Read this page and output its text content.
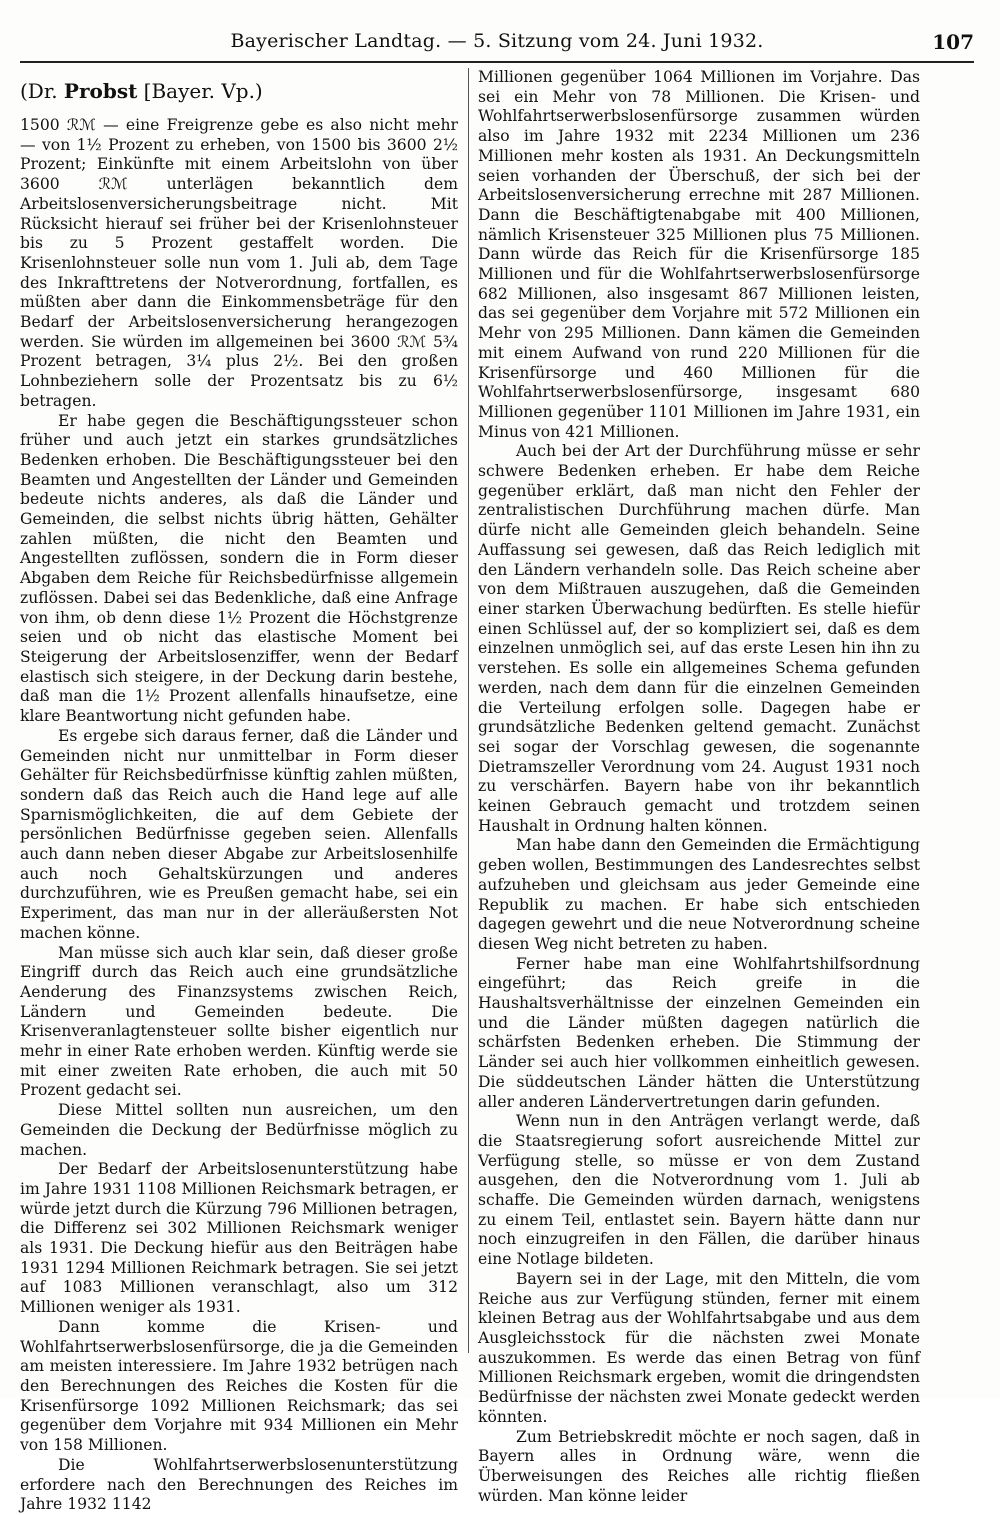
Bayerischer Landtag. — 5. Sitzung vom 24. Juni 1932.	107
(Dr. Probst [Bayer. Vp.)

1500 ℛℳ — eine Freigrenze gebe es also nicht mehr — von 1½ Prozent zu erheben, von 1500 bis 3600 2½ Prozent; Einkünfte mit einem Arbeitslohn von über 3600 ℛℳ unterlägen bekanntlich dem Arbeitslosenversicherungsbeitrage nicht. Mit Rücksicht hierauf sei früher bei der Krisenlohnsteuer bis zu 5 Prozent gestaffelt worden. Die Krisenlohnsteuer solle nun vom 1. Juli ab, dem Tage des Inkrafttretens der Notverordnung, fortfallen, es müßten aber dann die Einkommensbeträge für den Bedarf der Arbeitslosenversicherung herangezogen werden. Sie würden im allgemeinen bei 3600 ℛℳ 5¾ Prozent betragen, 3¼ plus 2½. Bei den großen Lohnbeziehern solle der Prozentsatz bis zu 6½ betragen.

Er habe gegen die Beschäftigungssteuer schon früher und auch jetzt ein starkes grundsätzliches Bedenken erhoben. Die Beschäftigungssteuer bei den Beamten und Angestellten der Länder und Gemeinden bedeute nichts anderes, als daß die Länder und Gemeinden, die selbst nichts übrig hätten, Gehälter zahlen müßten, die nicht den Beamten und Angestellten zuflössen, sondern die in Form dieser Abgaben dem Reiche für Reichsbedürfnisse allgemein zuflössen. Dabei sei das Bedenkliche, daß eine Anfrage von ihm, ob denn diese 1½ Prozent die Höchstgrenze seien und ob nicht das elastische Moment bei Steigerung der Arbeitslosenziffer, wenn der Bedarf elastisch sich steigere, in der Deckung darin bestehe, daß man die 1½ Prozent allenfalls hinaufsetze, eine klare Beantwortung nicht gefunden habe.

Es ergebe sich daraus ferner, daß die Länder und Gemeinden nicht nur unmittelbar in Form dieser Gehälter für Reichsbedürfnisse künftig zahlen müßten, sondern daß das Reich auch die Hand lege auf alle Sparnismöglichkeiten, die auf dem Gebiete der persönlichen Bedürfnisse gegeben seien. Allenfalls auch dann neben dieser Abgabe zur Arbeitslosenhilfe auch noch Gehaltskürzungen und anderes durchzuführen, wie es Preußen gemacht habe, sei ein Experiment, das man nur in der alleräußersten Not machen könne.

Man müsse sich auch klar sein, daß dieser große Eingriff durch das Reich auch eine grundsätzliche Aenderung des Finanzsystems zwischen Reich, Ländern und Gemeinden bedeute. Die Krisenveranlagtensteuer sollte bisher eigentlich nur mehr in einer Rate erhoben werden. Künftig werde sie mit einer zweiten Rate erhoben, die auch mit 50 Prozent gedacht sei.

Diese Mittel sollten nun ausreichen, um den Gemeinden die Deckung der Bedürfnisse möglich zu machen.

Der Bedarf der Arbeitslosenunterstützung habe im Jahre 1931 1108 Millionen Reichsmark betragen, er würde jetzt durch die Kürzung 796 Millionen betragen, die Differenz sei 302 Millionen Reichsmark weniger als 1931. Die Deckung hiefür aus den Beiträgen habe 1931 1294 Millionen Reichmark betragen. Sie sei jetzt auf 1083 Millionen veranschlagt, also um 312 Millionen weniger als 1931.

Dann komme die Krisen- und Wohlfahrtserwerbslosenfürsorge, die ja die Gemeinden am meisten interessiere. Im Jahre 1932 betrügen nach den Berechnungen des Reiches die Kosten für die Krisenfürsorge 1092 Millionen Reichsmark; das sei gegenüber dem Vorjahre mit 934 Millionen ein Mehr von 158 Millionen.

Die Wohlfahrtserwerbslosenunterstützung erfordere nach den Berechnungen des Reiches im Jahre 1932 1142

Millionen gegenüber 1064 Millionen im Vorjahre. Das sei ein Mehr von 78 Millionen. Die Krisen- und Wohlfahrtserwerbslosenfürsorge zusammen würden also im Jahre 1932 mit 2234 Millionen um 236 Millionen mehr kosten als 1931. An Deckungsmitteln seien vorhanden der Überschuß, der sich bei der Arbeitslosenversicherung errechne mit 287 Millionen. Dann die Beschäftigtenabgabe mit 400 Millionen, nämlich Krisensteuer 325 Millionen plus 75 Millionen. Dann würde das Reich für die Krisenfürsorge 185 Millionen und für die Wohlfahrtserwerbslosenfürsorge 682 Millionen, also insgesamt 867 Millionen leisten, das sei gegenüber dem Vorjahre mit 572 Millionen ein Mehr von 295 Millionen. Dann kämen die Gemeinden mit einem Aufwand von rund 220 Millionen für die Krisenfürsorge und 460 Millionen für die Wohlfahrtserwerbslosenfürsorge, insgesamt 680 Millionen gegenüber 1101 Millionen im Jahre 1931, ein Minus von 421 Millionen.

Auch bei der Art der Durchführung müsse er sehr schwere Bedenken erheben. Er habe dem Reiche gegenüber erklärt, daß man nicht den Fehler der zentralistischen Durchführung machen dürfe. Man dürfe nicht alle Gemeinden gleich behandeln. Seine Auffassung sei gewesen, daß das Reich lediglich mit den Ländern verhandeln solle. Das Reich scheine aber von dem Mißtrauen auszugehen, daß die Gemeinden einer starken Überwachung bedürften. Es stelle hiefür einen Schlüssel auf, der so kompliziert sei, daß es dem einzelnen unmöglich sei, auf das erste Lesen hin ihn zu verstehen. Es solle ein allgemeines Schema gefunden werden, nach dem dann für die einzelnen Gemeinden die Verteilung erfolgen solle. Dagegen habe er grundsätzliche Bedenken geltend gemacht. Zunächst sei sogar der Vorschlag gewesen, die sogenannte Dietramszeller Verordnung vom 24. August 1931 noch zu verschärfen. Bayern habe von ihr bekanntlich keinen Gebrauch gemacht und trotzdem seinen Haushalt in Ordnung halten können.

Man habe dann den Gemeinden die Ermächtigung geben wollen, Bestimmungen des Landesrechtes selbst aufzuheben und gleichsam aus jeder Gemeinde eine Republik zu machen. Er habe sich entschieden dagegen gewehrt und die neue Notverordnung scheine diesen Weg nicht betreten zu haben.

Ferner habe man eine Wohlfahrtshilfsordnung eingeführt; das Reich greife in die Haushaltsverhältnisse der einzelnen Gemeinden ein und die Länder müßten dagegen natürlich die schärfsten Bedenken erheben. Die Stimmung der Länder sei auch hier vollkommen einheitlich gewesen. Die süddeutschen Länder hätten die Unterstützung aller anderen Ländervertretungen darin gefunden.

Wenn nun in den Anträgen verlangt werde, daß die Staatsregierung sofort ausreichende Mittel zur Verfügung stelle, so müsse er von dem Zustand ausgehen, den die Notverordnung vom 1. Juli ab schaffe. Die Gemeinden würden darnach, wenigstens zu einem Teil, entlastet sein. Bayern hätte dann nur noch einzugreifen in den Fällen, die darüber hinaus eine Notlage bildeten.

Bayern sei in der Lage, mit den Mitteln, die vom Reiche aus zur Verfügung stünden, ferner mit einem kleinen Betrag aus der Wohlfahrtsabgabe und aus dem Ausgleichsstock für die nächsten zwei Monate auszukommen. Es werde das einen Betrag von fünf Millionen Reichsmark ergeben, womit die dringendsten Bedürfnisse der nächsten zwei Monate gedeckt werden könnten.

Zum Betriebskredit möchte er noch sagen, daß in Bayern alles in Ordnung wäre, wenn die Überweisungen des Reiches alle richtig fließen würden. Man könne leider
